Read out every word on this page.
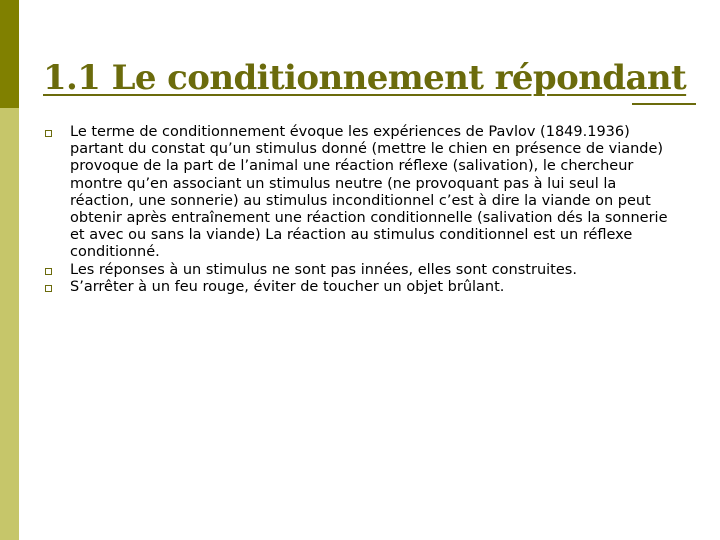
1.1 Le conditionnement répondant
Le terme de conditionnement évoque les expériences de Pavlov (1849.1936) partant du constat qu’un stimulus donné (mettre le chien en présence de viande) provoque de la part de l’animal une réaction réflexe (salivation), le chercheur montre qu’en associant un stimulus neutre (ne provoquant pas à lui seul la réaction, une sonnerie) au stimulus inconditionnel c’est à dire la viande on peut obtenir après entraînement une réaction conditionnelle (salivation dés la sonnerie et avec ou sans la viande) La réaction au stimulus conditionnel est un réflexe conditionné.
Les réponses à un stimulus ne sont pas innées, elles sont construites.
S’arrêter à un feu rouge, éviter de toucher un objet brûlant.
